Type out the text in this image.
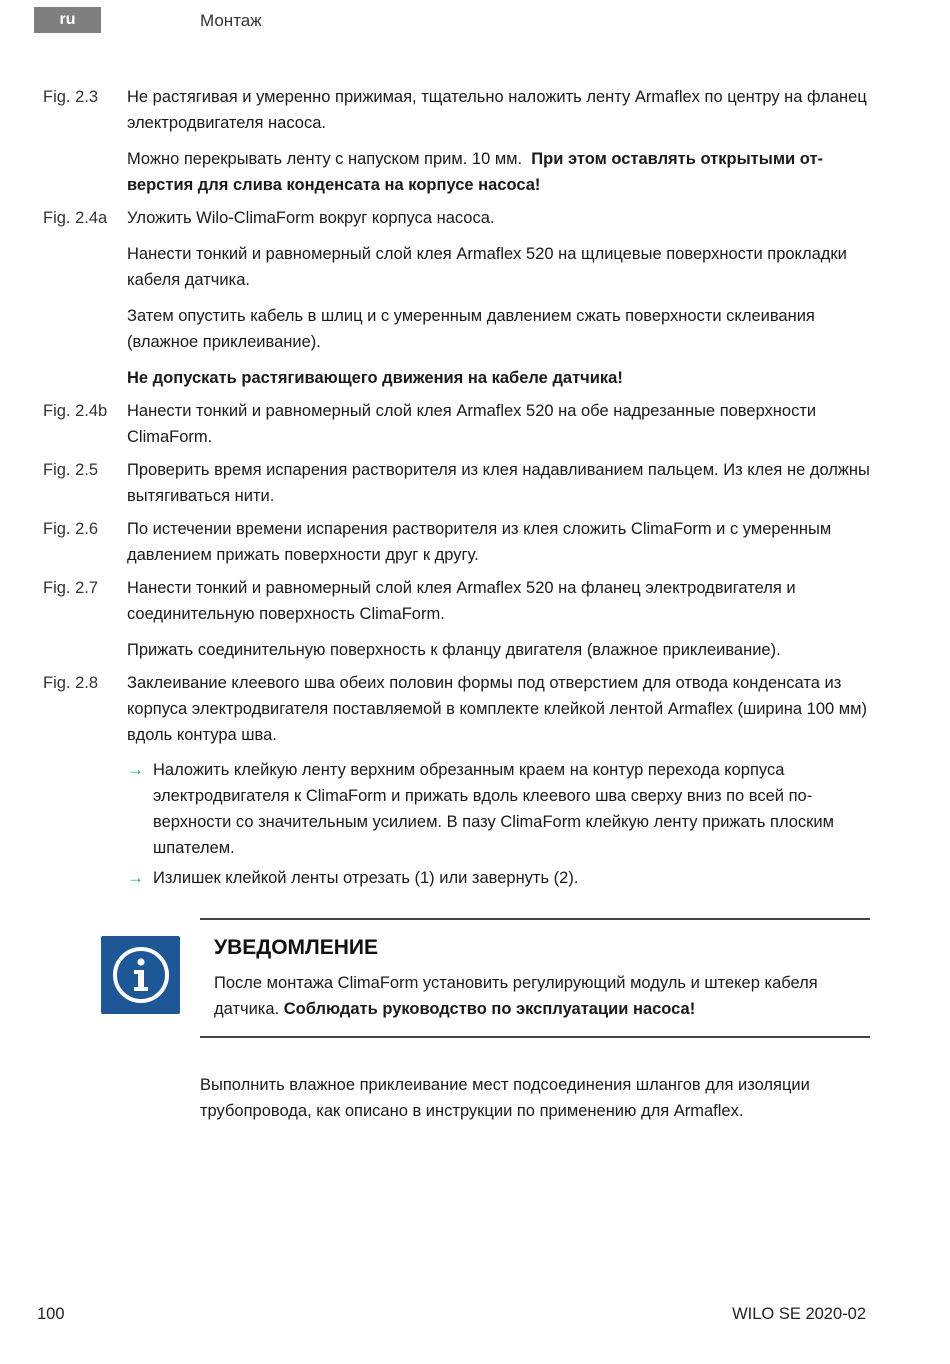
ru	Монтаж
Fig. 2.3	Не растягивая и умеренно прижимая, тщательно наложить ленту Armaflex по центру на фланец электродвигателя насоса.
Можно перекрывать ленту с напуском прим. 10 мм. При этом оставлять открытыми отверстия для слива конденсата на корпусе насоса!
Fig. 2.4a	Уложить Wilo-ClimaForm вокруг корпуса насоса.
Нанести тонкий и равномерный слой клея Armaflex 520 на щлицевые поверхности прокладки кабеля датчика.
Затем опустить кабель в шлиц и с умеренным давлением сжать поверхности склеивания (влажное приклеивание).
Не допускать растягивающего движения на кабеле датчика!
Fig. 2.4b	Нанести тонкий и равномерный слой клея Armaflex 520 на обе надрезанные поверхности ClimaForm.
Fig. 2.5	Проверить время испарения растворителя из клея надавливанием пальцем. Из клея не должны вытягиваться нити.
Fig. 2.6	По истечении времени испарения растворителя из клея сложить ClimaForm и с умеренным давлением прижать поверхности друг к другу.
Fig. 2.7	Нанести тонкий и равномерный слой клея Armaflex 520 на фланец электродвигателя и соединительную поверхность ClimaForm.
Прижать соединительную поверхность к фланцу двигателя (влажное приклеивание).
Fig. 2.8	Заклеивание клеевого шва обеих половин формы под отверстием для отвода конденсата из корпуса электродвигателя поставляемой в комплекте клейкой лентой Armaflex (ширина 100 мм) вдоль контура шва.
→ Наложить клейкую ленту верхним обрезанным краем на контур перехода корпуса электродвигателя к ClimaForm и прижать вдоль клеевого шва сверху вниз по всей поверхности со значительным усилием. В пазу ClimaForm клейкую ленту прижать плоским шпателем.
→ Излишек клейкой ленты отрезать (1) или завернуть (2).
УВЕДОМЛЕНИЕ
После монтажа ClimaForm установить регулирующий модуль и штекер кабеля датчика. Соблюдать руководство по эксплуатации насоса!
Выполнить влажное приклеивание мест подсоединения шлангов для изоляции трубопровода, как описано в инструкции по применению для Armaflex.
100	WILO SE 2020-02
